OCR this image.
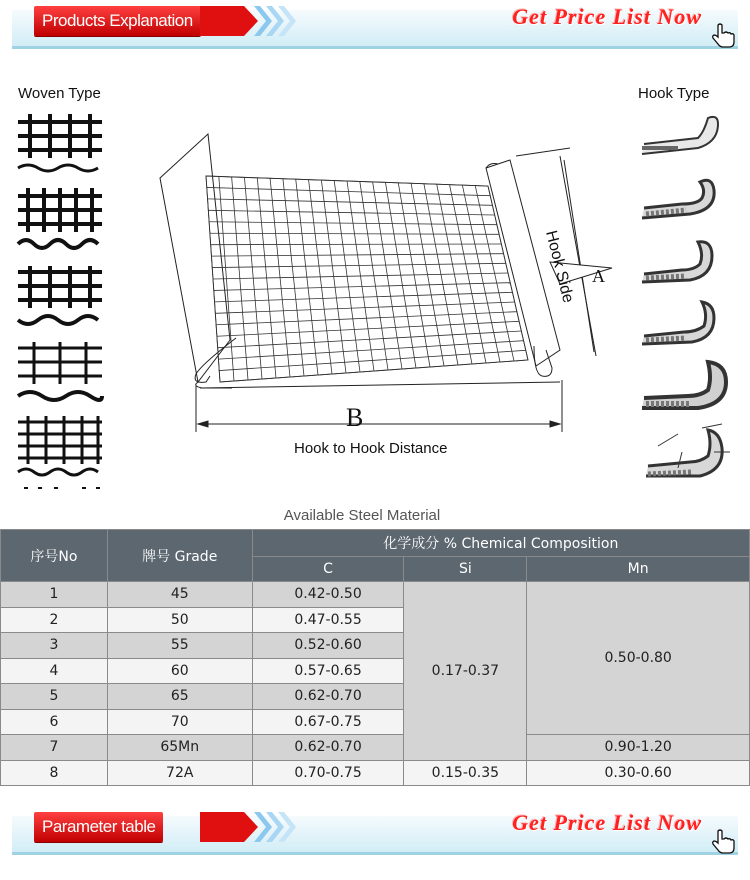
Products Explanation	Get Price List Now
Woven Type	Hook Type
B
A
Hook Side
Hook to Hook Distance
Available Steel Material
序号No	牌号 Grade	化学成分 % Chemical Composition		
		C	Si	Mn
1	45	0.42-0.50	0.17-0.37	0.50-0.80
2	50	0.47-0.55		
3	55	0.52-0.60		
4	60	0.57-0.65		
5	65	0.62-0.70		
6	70	0.67-0.75		
7	65Mn	0.62-0.70		0.90-1.20
8	72A	0.70-0.75	0.15-0.35	0.30-0.60
Parameter table	Get Price List Now
